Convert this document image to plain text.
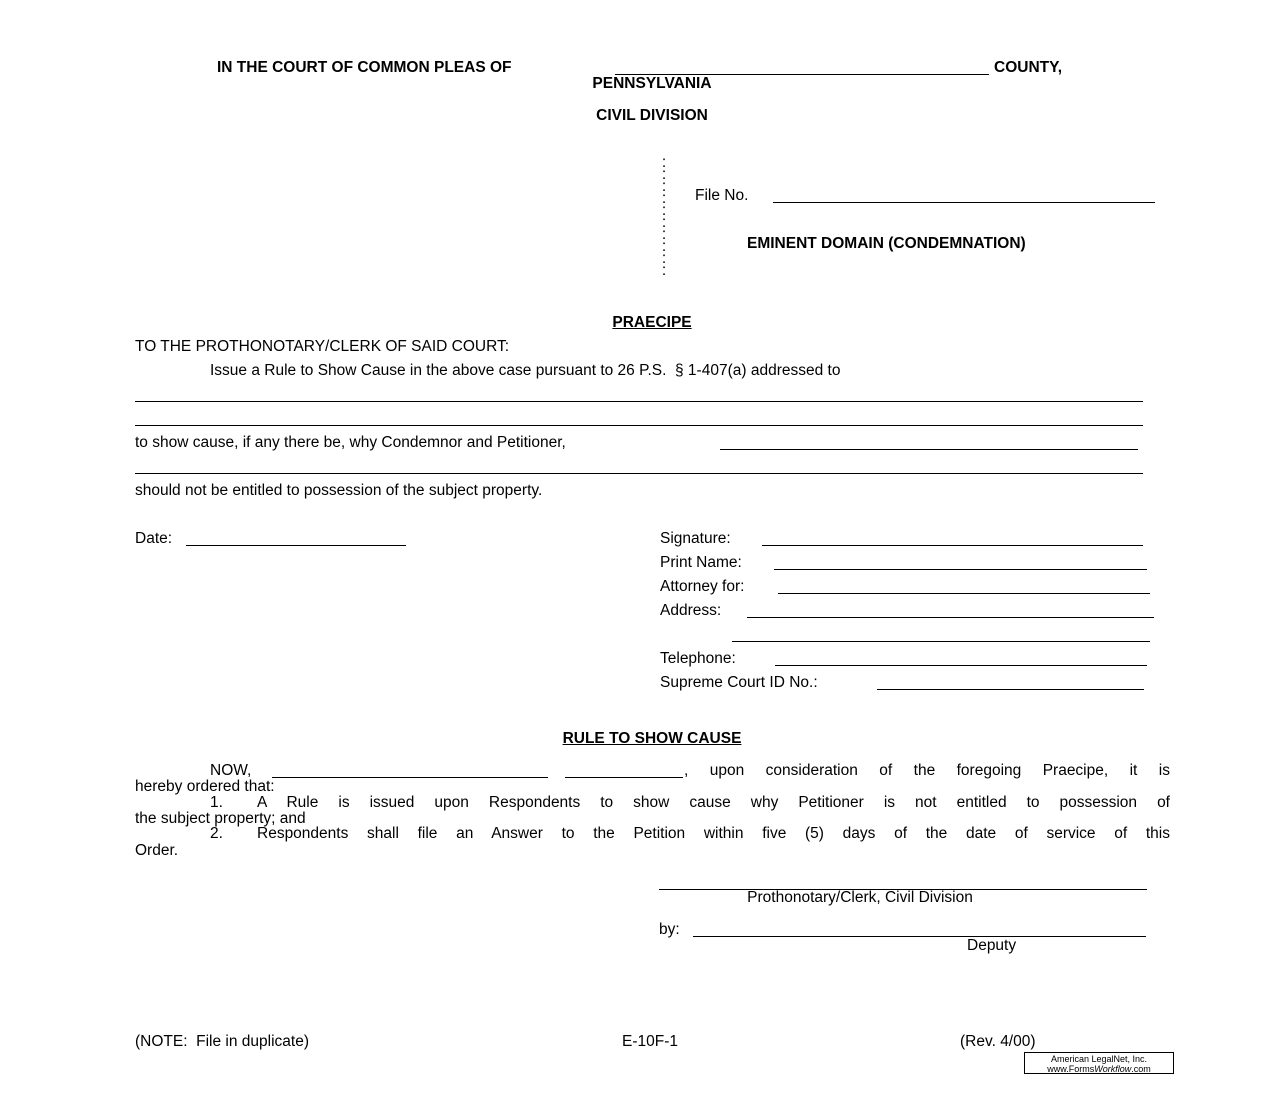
IN THE COURT OF COMMON PLEAS OF	COUNTY,
PENNSYLVANIA
CIVIL DIVISION
:
:
:
:
:
:
:
:
:
:
File No.
EMINENT DOMAIN (CONDEMNATION)
PRAECIPE
TO THE PROTHONOTARY/CLERK OF SAID COURT:
Issue a Rule to Show Cause in the above case pursuant to 26 P.S.  § 1-407(a) addressed to
to show cause, if any there be, why Condemnor and Petitioner,
should not be entitled to possession of the subject property.
Date:	Signature:
Print Name:
Attorney for:
Address:
Telephone:
Supreme Court ID No.:
RULE TO SHOW CAUSE
NOW,	, upon consideration of the foregoing Praecipe, it is
hereby ordered that:
1. A Rule is issued upon Respondents to show cause why Petitioner is not entitled to possession of
the subject property; and
2. Respondents shall file an Answer to the Petition within five (5) days of the date of service of this
Order.
Prothonotary/Clerk, Civil Division
by:
Deputy
(NOTE:  File in duplicate)	E-10F-1	(Rev. 4/00)
American LegalNet, Inc.
www.FormsWorkflow.com
